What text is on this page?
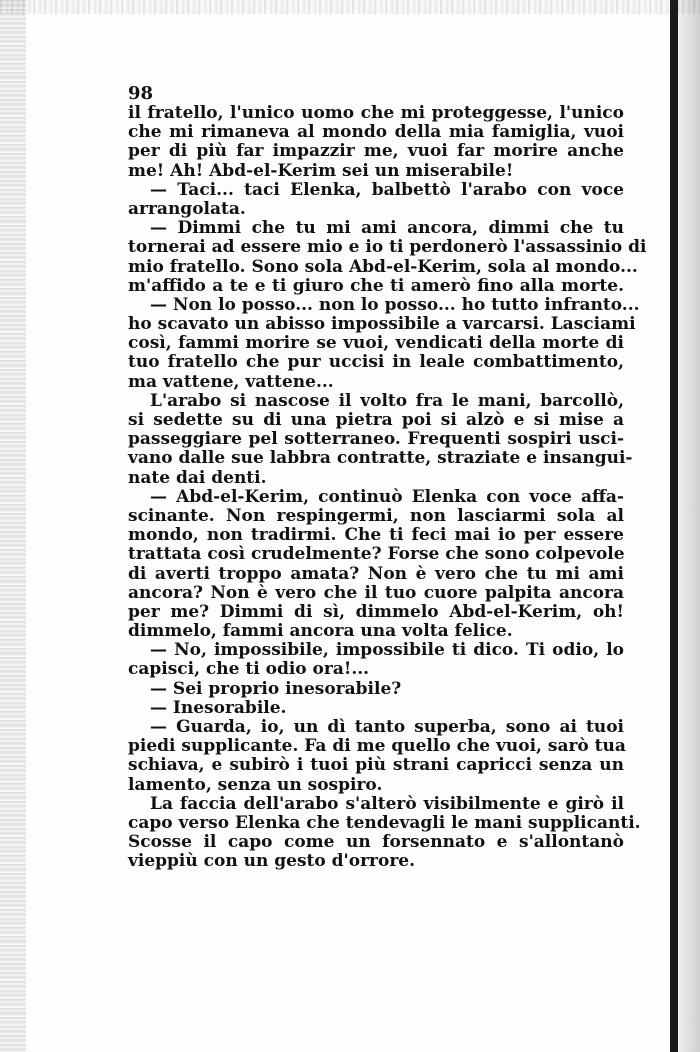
98
il fratello, l'unico uomo che mi proteggesse, l'unico
che mi rimaneva al mondo della mia famiglia, vuoi
per di più far impazzir me, vuoi far morire anche
me! Ah! Abd-el-Kerim sei un miserabile!
— Taci... taci Elenka, balbettò l'arabo con voce
arrangolata.
— Dimmi che tu mi ami ancora, dimmi che tu
tornerai ad essere mio e io ti perdonerò l'assassinio di
mio fratello. Sono sola Abd-el-Kerim, sola al mondo...
m'affido a te e ti giuro che ti amerò fino alla morte.
— Non lo posso... non lo posso... ho tutto infranto...
ho scavato un abisso impossibile a varcarsi. Lasciami
così, fammi morire se vuoi, vendicati della morte di
tuo fratello che pur uccisi in leale combattimento,
ma vattene, vattene...
L'arabo si nascose il volto fra le mani, barcollò,
si sedette su di una pietra poi si alzò e si mise a
passeggiare pel sotterraneo. Frequenti sospiri usci-
vano dalle sue labbra contratte, straziate e insangui-
nate dai denti.
— Abd-el-Kerim, continuò Elenka con voce affa-
scinante. Non respingermi, non lasciarmi sola al
mondo, non tradirmi. Che ti feci mai io per essere
trattata così crudelmente? Forse che sono colpevole
di averti troppo amata? Non è vero che tu mi ami
ancora? Non è vero che il tuo cuore palpita ancora
per me? Dimmi di sì, dimmelo Abd-el-Kerim, oh!
dimmelo, fammi ancora una volta felice.
— No, impossibile, impossibile ti dico. Ti odio, lo
capisci, che ti odio ora!...
— Sei proprio inesorabile?
— Inesorabile.
— Guarda, io, un dì tanto superba, sono ai tuoi
piedi supplicante. Fa di me quello che vuoi, sarò tua
schiava, e subirò i tuoi più strani capricci senza un
lamento, senza un sospiro.
La faccia dell'arabo s'alterò visibilmente e girò il
capo verso Elenka che tendevagli le mani supplicanti.
Scosse il capo come un forsennato e s'allontanò
vieppiù con un gesto d'orrore.
